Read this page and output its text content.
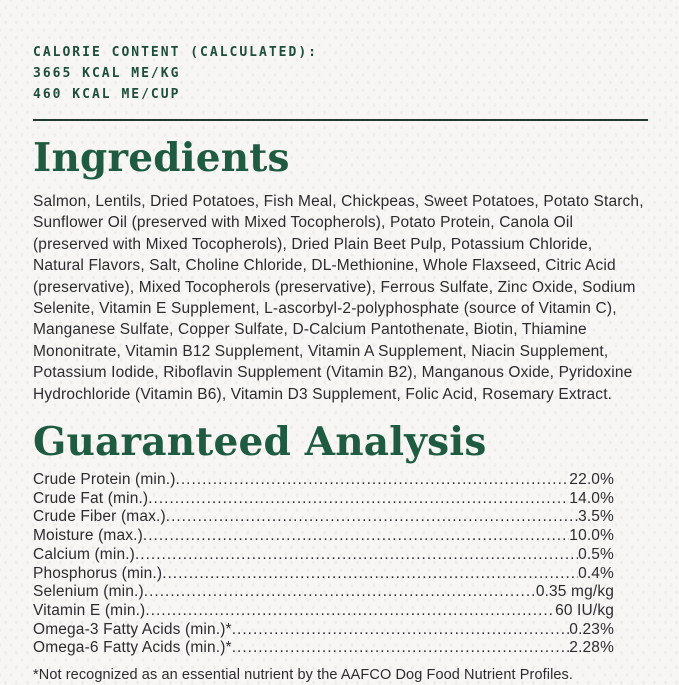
CALORIE CONTENT (CALCULATED):
3665 KCAL ME/KG
460 KCAL ME/CUP
Ingredients

Salmon, Lentils, Dried Potatoes, Fish Meal, Chickpeas, Sweet Potatoes, Potato Starch, Sunflower Oil (preserved with Mixed Tocopherols), Potato Protein, Canola Oil (preserved with Mixed Tocopherols), Dried Plain Beet Pulp, Potassium Chloride, Natural Flavors, Salt, Choline Chloride, DL-Methionine, Whole Flaxseed, Citric Acid (preservative), Mixed Tocopherols (preservative), Ferrous Sulfate, Zinc Oxide, Sodium Selenite, Vitamin E Supplement, L-ascorbyl-2-polyphosphate (source of Vitamin C), Manganese Sulfate, Copper Sulfate, D-Calcium Pantothenate, Biotin, Thiamine Mononitrate, Vitamin B12 Supplement, Vitamin A Supplement, Niacin Supplement, Potassium Iodide, Riboflavin Supplement (Vitamin B2), Manganous Oxide, Pyridoxine Hydrochloride (Vitamin B6), Vitamin D3 Supplement, Folic Acid, Rosemary Extract.

Guaranteed Analysis
Crude Protein (min.) .....	22.0%
Crude Fat (min.) .....	14.0%
Crude Fiber (max.) .....	3.5%
Moisture (max.) .....	10.0%
Calcium (min.) .....	0.5%
Phosphorus (min.) .....	0.4%
Selenium (min.) .....	0.35 mg/kg
Vitamin E (min.) .....	60 IU/kg
Omega-3 Fatty Acids (min.)* .....	0.23%
Omega-6 Fatty Acids (min.)* .....	2.28%

*Not recognized as an essential nutrient by the AAFCO Dog Food Nutrient Profiles.
